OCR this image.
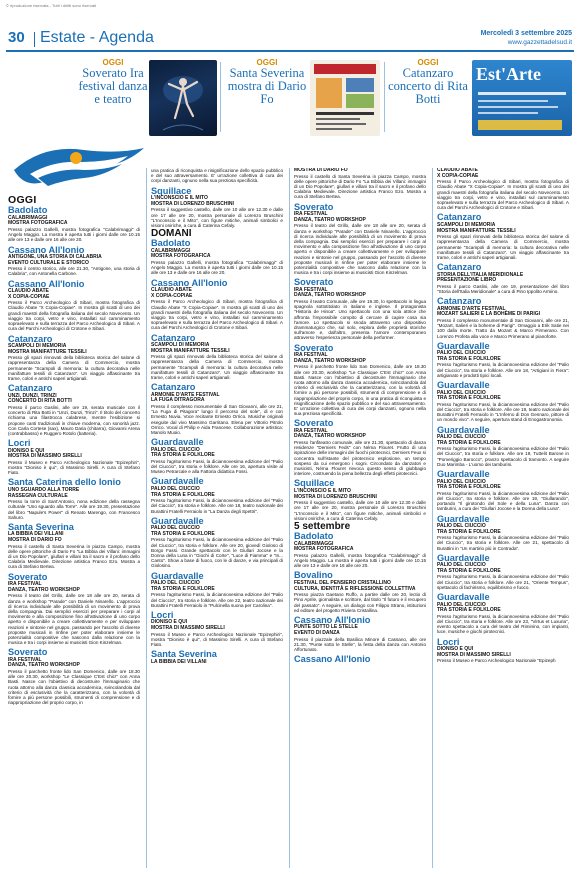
© riproduzione riservata - Tutti i diritti sono riservati
30 Estate - Agenda	Mercoledì 3 settembre 2025
www.gazzettadelsud.it
OGGI
Soverato Ira festival danza e teatro
OGGI
Santa Severina mostra di Dario Fo
OGGI
Catanzaro concerto di Rita Botti
Est'Arte
OGGI
Badolato
CALABRIMAGGI
MOSTRA FOTOGRAFICA
Presso palazzo Gallelli, mostra fotografica "Calabrimaggi" di Angelo Maggio. La mostra è aperta tutti i giorni dalle ore 10.15 alle ore 13 e dalle ore 16 alle ore 20.
Cassano All'Ionio
ANTIGONE, UNA STORIA DI CALABRIA
EVENTO CULTURALE E STORICO
Presso il centro storico, alle ore 21.30, "Antigone, una storia di Calabria", con Antonella Carbone.
Cassano All'Ionio
CLAUDIO ABATE
X COPIA-COPIAE
Presso il Parco Archeologico di Sibari, mostra fotografica di Claudio Abate "X Copia-Copiae". In mostra gli scatti di uno dei grandi maestri della fotografia italiana del secolo Novecento. Un viaggio tra corpi, vetro e vino, installati sul camminamento sopraelevato e sulla terrazza del Parco Archeologico di Sibari. A cura del Parchi Archeologici di Crotone e Sibari.
Catanzaro
SCAMPOLI DI MEMORIA
MOSTRA MANIFATTURE TESSILI
Presso gli spazi rinnovati della biblioteca storica del salone di rappresentanza della Camera di Commercio, mostra permanente "Scampoli di memoria: la cultura decorativa nelle manifatture tessili di Catanzaro". Un viaggio affascinante tra trame, colori e antichi saperi artigianali.
Catanzaro
UNZI, DUNZI, TRINZI
CONCERTO DI RITA BOTTI
Presso il parco Gaslini, alle ore 19, serata musicale con il concerto di Rita Botti in "Unzi, Dunzi, Trinzi". Il titolo del concerto richiama una filastrocca calabrese, mentre l'esibizione si propone canti tradizionali in chiave moderna, con sonorità jazz. Con Carla Cortese (sax), Mauro Daria (chitarra), Giovanni Arena (contrabbasso) e Ruggero Rotolo (batteria).
Locri
DIONISO E QUI
MOSTRA DI MASSIMO SIRELLI
Presso il Museo e Parco Archeologico Nazionale "Epizephiri", mostra "Dioniso è qui", di Massimo Sirelli. A cura di Stefano Fiato.
Santa Caterina dello Ionio
UNO SGUARDO ALLA TORRE
RASSEGNA CULTURALE
Presso la torre di Sant'Antonio, nona edizione della rassegna culturale "Uno sguardo alla Torre". Alle ore 19.30, presentazione del libro "Napule's Power" di Renato Marengo, con Francesco Sahuro.
Santa Severina
LA BIBBIA DEI VILLANI
MOSTRA DI DARIO FO
Presso il castello di Santa Severina in piazza Campo, mostra delle opere pittoriche di Dario Fo "La Bibbia dei Villani: immagini di un Dio Popolare", giullari e villani tra il sacro e il profano dello Calabria Medievale. Direzione artistica Franco Ezo. Mostra a cura di Stefano Bertea.
Soverato
IRA FESTIVAL
DANZA, TEATRO WORKSHOP
Presso il teatro del Grillo, dalle ore 18 alle ore 20, serata di danza e workshop "Parade" con Daniele Ninarello. L'approccio di ricerca individuale alle possibilità di un movimento di prova della compagnia. Dai semplici esercizi per preparare i corpi al movimento e alla composizione fino all'attivazione di uno corpo aperto e disponibile a creare collettivamente e per sviluppare reazioni e sintonie nel gruppo, passando per l'ascolto di diverse proposte musicali in rinfine per poter elaborare insieme le potenzialità compositive che nascono dalla relazione con la musica e tra i corpi insieme ai musicisti Gion Kinzelman.
Soverato
IRA FESTIVAL
DANZA, TEATRO WORKSHOP
Presso il parchetto fronte lido San Domenico, dalle ore 18.30 alle ore 20.30, workshop "Le Classique C'Est chic!" con Anna Basti. Nasce con l'obiettivo di decostruire l'immaginario che ruota attorno alla danza classica accademica, svincolandola dal criterio di esclusività che la caratterizzano, con la volontà di fornire a più persone possibili, strumenti di comprensione e di riappropriazione del proprio corpo, in
una pratica di riconquista e risignificazione dello spazio pubblico e del suo attraversamento. E' un'azione collettiva di cura dei corpi danzanti, ognuno nella sua preziosa specificità.
Squillace
L'INCONSCIO E IL MITO
MOSTRA DI LORENZO BRUSCHINI
Presso il suggestivo castello, dalle ore 10 alle ore 12.30 e dalle ore 17 alle ore 20, mostra personale di Lorenzo Bruschini "L'Inconscio e il Mito", con figure mitiche, animali simbolici e visioni oniriche, a cura di Caterina Cefaly.
DOMANI
Badolato
CALABRIMAGGI
MOSTRA FOTOGRAFICA
Presso palazzo Gallelli, mostra fotografica "Calabrimaggi" di Angelo Maggio. La mostra è aperta tutti i giorni dalle ore 10.15 alle ore 13 e dalle ore 16 alle ore 20.
Cassano All'Ionio
CLAUDIO ABATE
X COPIA-COPIAE
Presso il Parco Archeologico di Sibari, mostra fotografica di Claudio Abate "X Copia-Copiae". In mostra gli scatti di uno dei grandi maestri della fotografia italiana del secolo Novecento. Un viaggio tra corpi, vetro e vino, installati sul camminamento sopraelevato e sulla terrazza del Parco Archeologico di Sibari. A cura del Parchi Archeologici di Crotone e Sibari.
Catanzaro
SCAMPOLI DI MEMORIA
MOSTRA MANIFATTURE TESSILI
Presso gli spazi rinnovati della biblioteca storica del salone di rappresentanza della Camera di Commercio, mostra permanente "Scampoli di memoria: la cultura decorativa nelle manifatture tessili di Catanzaro". Un viaggio affascinante tra trame, colori e antichi saperi artigianali.
Catanzaro
ARMONIE D'ARTE FESTIVAL
LA FUGA DITRAGORA
Presso il complesso monumentale di San Giovanni, alle ore 21, "La Fuga di Pitagora" lungo il percorso del sole", di e con Ernesto Nuvia. Voce recitante Ernesto Orrico. Musiche originali eseguite dal vivo Massimo Garritano. Elena per Vittorio Pitrolo Orrico. Vocal di Philip e Aida Francese. Collaborazione artistica: Manolo Muoio.
Guardavalle
PALIO DEL CIUCCIO
TRA STORIA E FOLKLORE
Presso l'agriturismo Fassi, la diciannovesima edizione del "Palio del Ciuccio", tra storia e folklore. Alle ore 16, apertura visite al Museo Petrarcale e alla Fattoria didattica Fossi.
Guardavalle
PALIO DEL CIUCCIO
TRA STORIA E FOLKLORE
Presso l'agriturismo Fassi, la diciannovesima edizione del "Palio del Ciuccio", tra storia e folklore. Alle ore 18, teatro nazionale dei Burattini Fratelli Ferraiolo in "La Danza degli Spettri".
Guardavalle
PALIO DEL CIUCCIO
TRA STORIA E FOLKLORE
Presso l'agriturismo Fassi, la diciannovesima edizione del "Palio del Ciuccio", tra storia e folklore. Alle ore 20, giovedì Gioloso di Borgo Fassi. Grande spettacolo con le Giullari Jocose e la Donna della Luna in "Giochi di Corte", "Luce di Fiamma" e "In... Canto". Show a base di fuoco, con le di danze, e via principali di Giolosino.
Guardavalle
PALIO DEL CIUCCIO
TRA STORIA E FOLKLORE
Presso l'agriturismo Fassi, la diciannovesima edizione del "Palio del Ciuccio", tra storia e folklore. Alle ore 22, teatro nazionale dei Burattini Fratelli Ferraiolo in "Pulcinella suona per Carolina".
Locri
DIONISO E QUI
MOSTRA DI MASSIMO SIRELLI
Presso il Museo e Parco Archeologico Nazionale "Epizephiri", mostra "Dioniso è qui", di Massimo Sirelli. A cura di Stefano Fiato.
Santa Severina
LA BIBBIA DEI VILLANI
MOSTRA DI DARIO FO
Presso il castello di Santa Severina in piazza Campo, mostra delle opere pittoriche di Dario Fo "La Bibbia dei Villani: immagini di un Dio Popolare", giullari e villani tra il sacro e il profano dello Calabria Medievale. Direzione artistica Franco Ezo. Mostra a cura di Stefano Bertea.
Soverato
IRA FESTIVAL
DANZA, TEATRO WORKSHOP
Presso il teatro del Grillo, dalle ore 18 alle ore 20, serata di danza e workshop "Parade" con Daniele Ninarello. L'approccio di ricerca individuale alle possibilità di un movimento di prova della compagnia. Dai semplici esercizi per preparare i corpi al movimento e alla composizione fino all'attivazione di uno corpo aperto e disponibile a creare collettivamente e per sviluppare reazioni e sintonie nel gruppo, passando per l'ascolto di diverse proposte musicali in rinfine per poter elaborare insieme le potenzialità compositive che nascono dalla relazione con la musica e tra i corpi insieme ai musicisti Gion Kinzelman.
Soverato
IRA FESTIVAL
DANZA, TEATRO WORKSHOP
Presso il teatro Comunale, alle ore 19.30, lo spettacolo in lingua spagnola sottotitolato in italiano e inglese. Il protagonista "Historia de Hinoa". Uno spettacolo con una sola attrice che affronta l'impossibile compito di cercare di capire cosa sia l'amore. Lo spettacolo si snoda attraverso uno dispositivo drammaturgico che, sul solo, esplora delle proprietà storiche sull'amore e, dall'altro, presenta l'amore contemporaneo attraverso l'esperienza personale della performer.
Soverato
IRA FESTIVAL
DANZA, TEATRO WORKSHOP
Presso il parchetto fronte lido San Domenico, dalle ore 18.30 alle ore 20.30, workshop "Le Classique C'Est chic!" con Anna Basti. Nasce con l'obiettivo di decostruire l'immaginario che ruota attorno alla danza classica accademica, svincolandola dal criterio di esclusività che la caratterizzano, con la volontà di fornire a più persone possibili, strumenti di comprensione e di riappropriazione del proprio corpo, in una pratica di riconquista e risignificazione dello spazio pubblico e del suo attraversamento. E' un'azione collettiva di cura dei corpi danzanti, ognuno nella sua preziosa specificità.
Soverato
IRA FESTIVAL
DANZA, TEATRO WORKSHOP
Presso l'anfiteatro comunale, alle ore 21.30, spettacolo di danza residenze "Derniers Feds" con Néma Flouret. Frutto di una ispirazione delle immagini dei fuochi pirotecnici, Derniers Feux si concentra sull'istante del pirotecnico esplosione, un tempo sospeso da cui emergono i sogni. Circondato da danzatori e musicisti, Néma Flouret rievoca questo senso di giubbagio interiore, costruendo la piena bellezza degli effetti pirotecnici.
Squillace
L'INCONSCIO E IL MITO
MOSTRA DI LORENZO BRUSCHINI
Presso il suggestivo castello, dalle ore 10 alle ore 12.30 e dalle ore 17 alle ore 20, mostra personale di Lorenzo Bruschini "L'Inconscio e il Mito", con figure mitiche, animali simbolici e visioni oniriche, a cura di Caterina Cefaly.
5 settembre
Badolato
CALABRIMAGGI
MOSTRA FOTOGRAFICA
Presso palazzo Gallelli, mostra fotografica "Calabrimaggi" di Angelo Maggio. La mostra è aperta tutti i giorni dalle ore 10.15 alle ore 13 e dalle ore 16 alle ore 20.
Bovalino
FESTIVAL DEL PENSIERO CRISTALLINO
CULTURA, IDENTITÀ E RIFLESSIONE COLLETTIVA
Presso piazza Gaetano Ruffo, a partire dalle ore 20, lectio di Pino Aprile, giornalista e scrittore, dal titolo "Il futuro e il recupero del passato". A seguire, un dialogo con Filippo Strano, istituzioni ed editore del progetto Riviera Cristallina.
Cassano All'Ionio
PUNTE SOTTO LE STELLE
EVENTO DI DANZA
Presso il piazzale della Basilica Minore di Cassano, alle ore 21.30, "Punte sotto le Stelle", la festa della danza con Antonio Affortunato.
Cassano All'Ionio
CLAUDIO ABATE
X COPIA-COPIAE
Presso il Parco Archeologico di Sibari, mostra fotografica di Claudio Abate "X Copia-Copiae". In mostra gli scatti di uno dei grandi maestri della fotografia italiana del secolo Novecento. Un viaggio tra corpi, vetro e vino, installati sul camminamento sopraelevato e sulla terrazza del Parco Archeologico di Sibari. A cura del Parchi Archeologici di Crotone e Sibari.
Catanzaro
SCAMPOLI DI MEMORIA
MOSTRA MANIFATTURE TESSILI
Presso gli spazi rinnovati della biblioteca storica del salone di rappresentanza della Camera di Commercio, mostra permanente "Scampoli di memoria: la cultura decorativa nelle manifatture tessili di Catanzaro". Un viaggio affascinante tra trame, colori e antichi saperi artigianali.
Catanzaro
STORIA DELL'ITALIA MERIDIONALE
PRESENTAZIONE LIBRO
Presso il parco Gaslini, alle ore 19, presentazione del libro "Storia dell'Italia Meridionale" a cura di Pino Ippolito Armino.
Catanzaro
ARMONIE D'ARTE FESTIVAL
MOZART SALIERI E LA BOHÈME DI PARIGI
Presso il complesso monumentale di San Giovanni, alle ore 21, "Mozart, Salieri e la boheme di Parigi". Omaggio a Erik Satie nei 100 dalla morte. Tratto da Mozart & Marco Pirmerano. Con Lorenzo Profeta alla voce e Marco Primerano al pianoforte.
Guardavalle
PALIO DEL CIUCCIO
TRA STORIA E FOLKLORE
Presso l'agriturismo Fassi, la diciannovesima edizione del "Palio del Ciuccio", tra storia e folklore. Alle ore 18, "Artigiani in Fiera": artigianato e prodotti tipici locali.
Guardavalle
PALIO DEL CIUCCIO
TRA STORIA E FOLKLORE
Presso l'agriturismo Fassi, la diciannovesima edizione del "Palio del Ciuccio", tra storia e folklore. Alle ore 19, teatro nazionale dei Burattini Fratelli Ferraiolo in "L'Inferno di Don Gennaro, pittore di un mondo vivo". A seguire, apertura stand di Enogastronomia.
Guardavalle
PALIO DEL CIUCCIO
TRA STORIA E FOLKLORE
Presso l'agriturismo Fassi, la diciannovesima edizione del "Palio del Ciuccio", tra storia e folklore. Alle ore 19, Tuttelit Barone in "Pomeriggio Barocco", pranzo spettacolo di tramonto. A seguire Duo Marimba - L'uomo dei tamburini.
Guardavalle
PALIO DEL CIUCCIO
TRA STORIA E FOLKLORE
Presso l'agriturismo Fassi, la diciannovesima edizione del "Palio del Ciuccio", tra storia e folklore. Alle ore 19, "Giullarando", portando "Il girotondo del Sole e della Luna". Danza con tamburini, a cura dei "Giullari Jocose e la Donna della Luna".
Guardavalle
PALIO DEL CIUCCIO
TRA STORIA E FOLKLORE
Presso l'agriturismo Fassi, la diciannovesima edizione del "Palio del Ciuccio", tra storia e folklore. Alle ore 21, spettacolo di Burattini in "Un martirio più in Contrada".
Guardavalle
PALIO DEL CIUCCIO
TRA STORIA E FOLKLORE
Presso l'agriturismo Fassi, la diciannovesima edizione del "Palio del Ciuccio", tra storia e folklore. Alle ore 21, "Oriente Tempus", spettacolo di fachirismo, equilibrismo e fuoco.
Guardavalle
PALIO DEL CIUCCIO
TRA STORIA E FOLKLORE
Presso l'agriturismo Fassi, la diciannovesima edizione del "Palio del Ciuccio", tra storia e folklore. Alle ore 23, "Virtus et Luxuria", evento spettacolo a cura del teatro del Riminino, con impianti, luce, musiche e giochi pirotecnici.
Locri
DIONISO E QUI
MOSTRA DI MASSIMO SIRELLI
Presso il Museo e Parco Archeologico Nazionale "Epizeph
